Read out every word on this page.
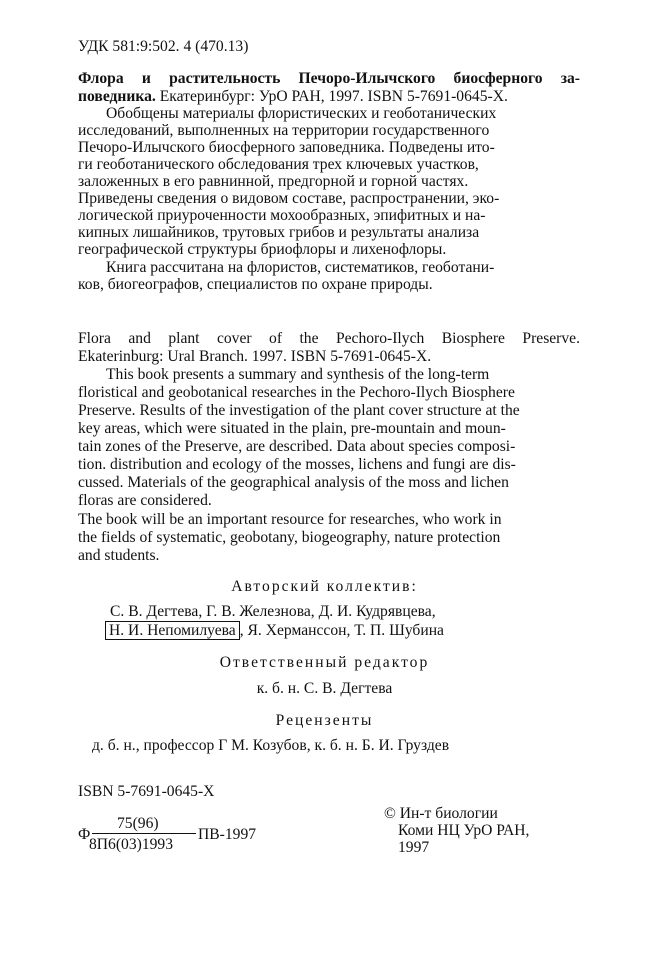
УДК 581:9:502. 4 (470.13)
Флора и растительность Печоро-Илычского биосферного за-
поведника. Екатеринбург: УрО РАН, 1997. ISBN 5-7691-0645-X.
Обобщены материалы флористических и геоботанических
исследований, выполненных на территории государственного
Печоро-Илычского биосферного заповедника. Подведены ито-
ги геоботанического обследования трех ключевых участков,
заложенных в его равнинной, предгорной и горной частях.
Приведены сведения о видовом составе, распространении, эко-
логической приуроченности мохообразных, эпифитных и на-
кипных лишайников, трутовых грибов и результаты анализа
географической структуры бриофлоры и лихенофлоры.
Книга рассчитана на флористов, систематиков, геоботани-
ков, биогеографов, специалистов по охране природы.
Flora and plant cover of the Pechoro-Ilych Biosphere Preserve.
Ekaterinburg: Ural Branch. 1997. ISBN 5-7691-0645-X.
This book presents a summary and synthesis of the long-term
floristical and geobotanical researches in the Pechoro-Ilych Biosphere
Preserve. Results of the investigation of the plant cover structure at the
key areas, which were situated in the plain, pre-mountain and moun-
tain zones of the Preserve, are described. Data about species composi-
tion. distribution and ecology of the mosses, lichens and fungi are dis-
cussed. Materials of the geographical analysis of the moss and lichen
floras are considered.
The book will be an important resource for researches, who work in
the fields of systematic, geobotany, biogeography, nature protection
and students.
Авторский коллектив:
С. В. Дегтева, Г. В. Железнова, Д. И. Кудрявцева,
Н. И. Непомилуева , Я. Херманссон, Т. П. Шубина
Ответственный редактор
к. б. н. С. В. Дегтева
Рецензенты
д. б. н., профессор Г М. Козубов, к. б. н. Б. И. Груздев
ISBN 5-7691-0645-X
© Ин-т биологии
Коми НЦ УрО РАН,
1997
Ф
75(96)
8П6(03)1993
ПВ-1997
